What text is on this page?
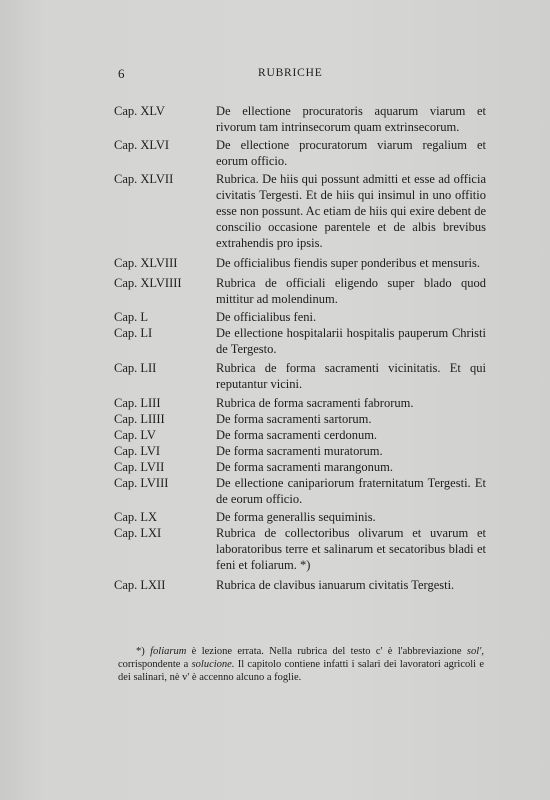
6	RUBRICHE
Cap. XLV	De ellectione procuratoris aquarum viarum et rivorum tam intrinsecorum quam extrinsecorum.
Cap. XLVI	De ellectione procuratorum viarum regalium et eorum officio.
Cap. XLVII	Rubrica. De hiis qui possunt admitti et esse ad officia civitatis Tergesti. Et de hiis qui insimul in uno offitio esse non possunt. Ac etiam de hiis qui exire debent de conscilio occasione parentele et de albis brevibus extrahendis pro ipsis.
Cap. XLVIII	De officialibus fiendis super ponderibus et mensuris.
Cap. XLVIIII	Rubrica de officiali eligendo super blado quod mittitur ad molendinum.
Cap. L	De officialibus feni.
Cap. LI	De ellectione hospitalarii hospitalis pauperum Christi de Tergesto.
Cap. LII	Rubrica de forma sacramenti vicinitatis. Et qui reputantur vicini.
Cap. LIII	Rubrica de forma sacramenti fabrorum.
Cap. LIIII	De forma sacramenti sartorum.
Cap. LV	De forma sacramenti cerdonum.
Cap. LVI	De forma sacramenti muratorum.
Cap. LVII	De forma sacramenti marangonum.
Cap. LVIII	De ellectione canipariorum fraternitatum Tergesti. Et de eorum officio.
Cap. LX	De forma generallis sequiminis.
Cap. LXI	Rubrica de collectoribus olivarum et uvarum et laboratoribus terre et salinarum et secatoribus bladi et feni et foliarum. *)
Cap. LXII	Rubrica de clavibus ianuarum civitatis Tergesti.

*) foliarum è lezione errata. Nella rubrica del testo c' è l'abbreviazione sol', corrispondente a solucione. Il capitolo contiene infatti i salari dei lavoratori agricoli e dei salinari, nè v' è accenno alcuno a foglie.
